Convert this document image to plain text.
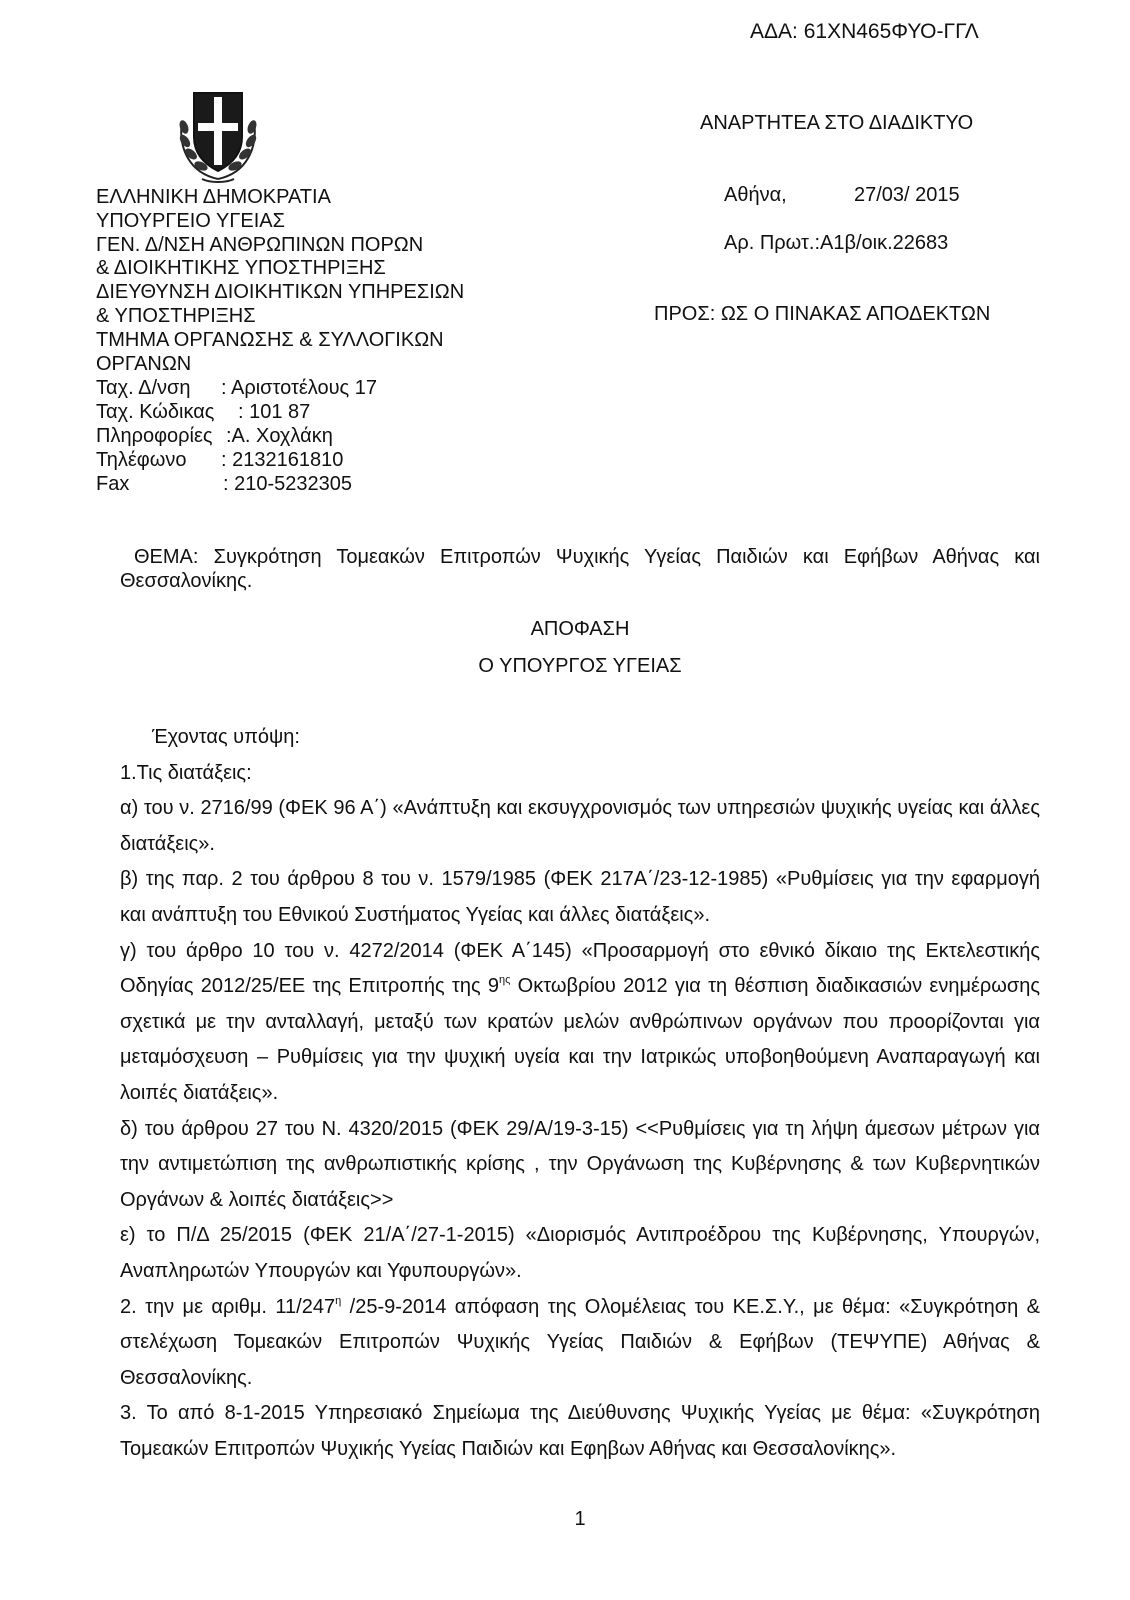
ΑΔΑ: 61ΧΝ465ΦΥΟ-ΓΓΛ
ΕΛΛΗΝΙΚΗ ΔΗΜΟΚΡΑΤΙΑ
ΥΠΟΥΡΓΕΙΟ ΥΓΕΙΑΣ
ΓΕΝ. Δ/ΝΣΗ ΑΝΘΡΩΠΙΝΩΝ ΠΟΡΩΝ
& ΔΙΟΙΚΗΤΙΚΗΣ ΥΠΟΣΤΗΡΙΞΗΣ
ΔΙΕΥΘΥΝΣΗ ΔΙΟΙΚΗΤΙΚΩΝ ΥΠΗΡΕΣΙΩΝ
& ΥΠΟΣΤΗΡΙΞΗΣ
ΤΜΗΜΑ ΟΡΓΑΝΩΣΗΣ & ΣΥΛΛΟΓΙΚΩΝ
ΟΡΓΑΝΩΝ
Ταχ. Δ/νση	: Αριστοτέλους 17
Ταχ. Κώδικας	: 101 87
Πληροφορίες :Α. Χοχλάκη
Τηλέφωνο	: 2132161810
Fax	: 210-5232305
ΑΝΑΡΤΗΤΕΑ ΣΤΟ ΔΙΑΔΙΚΤΥΟ
Αθήνα,	27/03/ 2015
Αρ. Πρωτ.:Α1β/οικ.22683
ΠΡΟΣ: ΩΣ Ο ΠΙΝΑΚΑΣ ΑΠΟΔΕΚΤΩΝ
ΘΕΜΑ: Συγκρότηση Τομεακών Επιτροπών Ψυχικής Υγείας Παιδιών και Εφήβων Αθήνας και Θεσσαλονίκης.
ΑΠΟΦΑΣΗ
Ο ΥΠΟΥΡΓΟΣ ΥΓΕΙΑΣ
Έχοντας υπόψη:
1.Τις διατάξεις:
α) του ν. 2716/99 (ΦΕΚ 96 Α΄) «Ανάπτυξη και εκσυγχρονισμός των υπηρεσιών ψυχικής υγείας και άλλες διατάξεις».
β) της παρ. 2 του άρθρου 8 του ν. 1579/1985 (ΦΕΚ 217Α΄/23-12-1985) «Ρυθμίσεις για την εφαρμογή και ανάπτυξη του Εθνικού Συστήματος Υγείας και άλλες διατάξεις».
γ) του άρθρο 10 του ν. 4272/2014 (ΦΕΚ Α΄145) «Προσαρμογή στο εθνικό δίκαιο της Εκτελεστικής Οδηγίας 2012/25/ΕΕ της Επιτροπής της $9^{\eta\varsigma}$ Οκτωβρίου 2012 για τη θέσπιση διαδικασιών ενημέρωσης σχετικά με την ανταλλαγή, μεταξύ των κρατών μελών ανθρώπινων οργάνων που προορίζονται για μεταμόσχευση – Ρυθμίσεις για την ψυχική υγεία και την Ιατρικώς υποβοηθούμενη Αναπαραγωγή και λοιπές διατάξεις».
δ) του άρθρου 27 του Ν. 4320/2015 (ΦΕΚ 29/Α/19-3-15) <<Ρυθμίσεις για τη λήψη άμεσων μέτρων για την αντιμετώπιση της ανθρωπιστικής κρίσης , την Οργάνωση της Κυβέρνησης & των Κυβερνητικών Οργάνων & λοιπές διατάξεις>>
ε) το Π/Δ 25/2015 (ΦΕΚ 21/Α΄/27-1-2015) «Διορισμός Αντιπροέδρου της Κυβέρνησης, Υπουργών, Αναπληρωτών Υπουργών και Υφυπουργών».
2. την με αριθμ. $11/247^\eta$ /25-9-2014 απόφαση της Ολομέλειας του ΚΕ.Σ.Υ., με θέμα: «Συγκρότηση & στελέχωση Τομεακών Επιτροπών Ψυχικής Υγείας Παιδιών & Εφήβων (ΤΕΨΥΠΕ) Αθήνας & Θεσσαλονίκης.
3. Το από 8-1-2015 Υπηρεσιακό Σημείωμα της Διεύθυνσης Ψυχικής Υγείας με θέμα: «Συγκρότηση Τομεακών Επιτροπών Ψυχικής Υγείας Παιδιών και Εφηβων Αθήνας και Θεσσαλονίκης».
1
